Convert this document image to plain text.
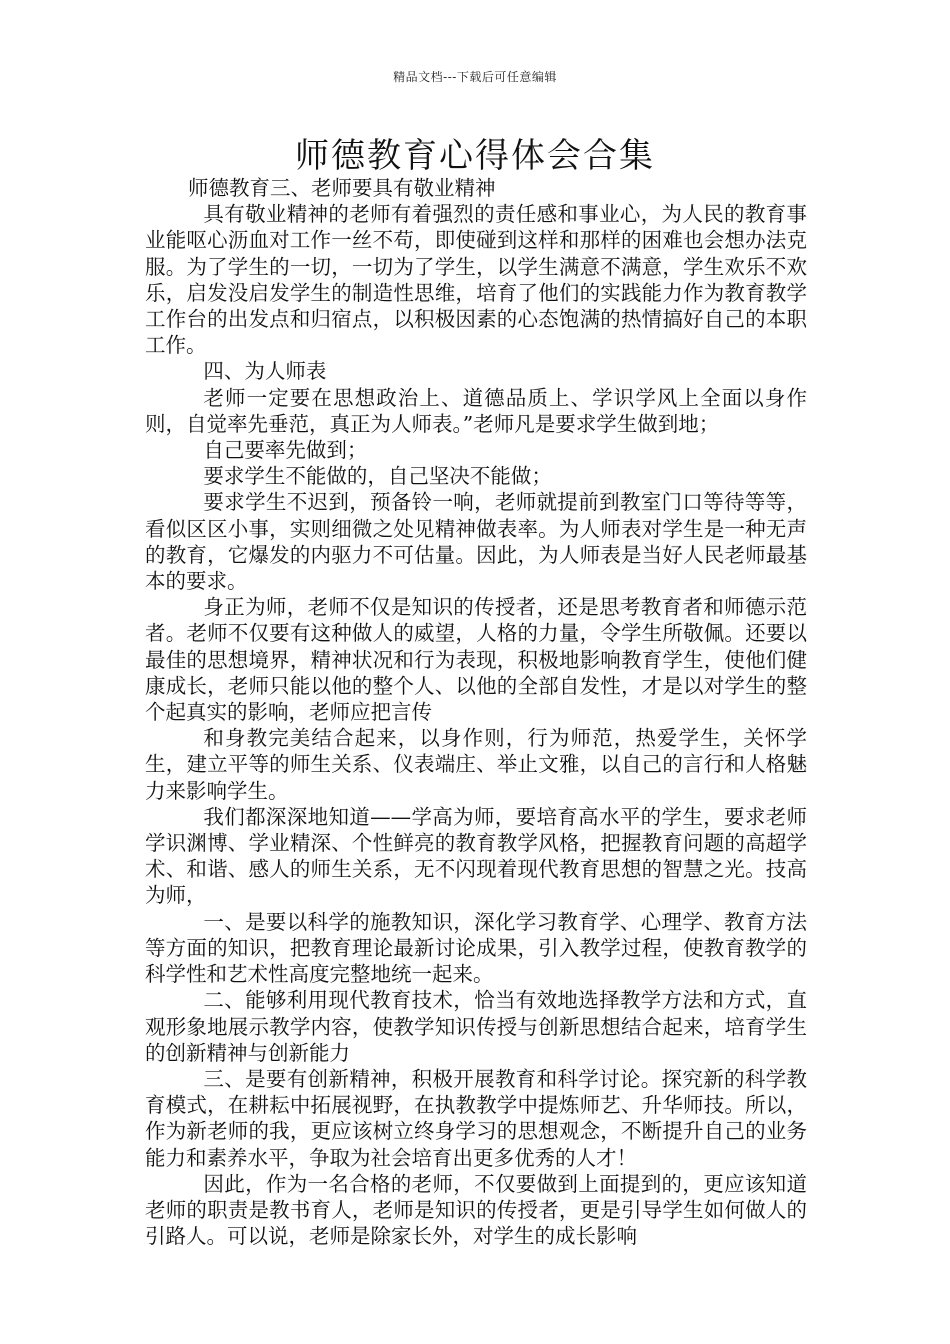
精品文档---下载后可任意编辑
师德教育心得体会合集

师德教育三、老师要具有敬业精神

具有敬业精神的老师有着强烈的责任感和事业心，为人民的教育事业能呕心沥血对工作一丝不苟，即使碰到这样和那样的困难也会想办法克服。为了学生的一切，一切为了学生，以学生满意不满意，学生欢乐不欢乐，启发没启发学生的制造性思维，培育了他们的实践能力作为教育教学工作台的出发点和归宿点，以积极因素的心态饱满的热情搞好自己的本职工作。

四、为人师表

老师一定要在思想政治上、道德品质上、学识学风上全面以身作则，自觉率先垂范，真正为人师表。”老师凡是要求学生做到地；

自己要率先做到；

要求学生不能做的，自己坚决不能做；

要求学生不迟到，预备铃一响，老师就提前到教室门口等待等等，看似区区小事，实则细微之处见精神做表率。为人师表对学生是一种无声的教育，它爆发的内驱力不可估量。因此，为人师表是当好人民老师最基本的要求。

身正为师，老师不仅是知识的传授者，还是思考教育者和师德示范者。老师不仅要有这种做人的威望，人格的力量，令学生所敬佩。还要以最佳的思想境界，精神状况和行为表现，积极地影响教育学生，使他们健康成长，老师只能以他的整个人、以他的全部自发性，才是以对学生的整个起真实的影响，老师应把言传

和身教完美结合起来，以身作则，行为师范，热爱学生，关怀学生，建立平等的师生关系、仪表端庄、举止文雅，以自己的言行和人格魅力来影响学生。

我们都深深地知道——学高为师，要培育高水平的学生，要求老师学识渊博、学业精深、个性鲜亮的教育教学风格，把握教育问题的高超学术、和谐、感人的师生关系，无不闪现着现代教育思想的智慧之光。技高为师，

一、是要以科学的施教知识，深化学习教育学、心理学、教育方法等方面的知识，把教育理论最新讨论成果，引入教学过程，使教育教学的科学性和艺术性高度完整地统一起来。

二、能够利用现代教育技术，恰当有效地选择教学方法和方式，直观形象地展示教学内容，使教学知识传授与创新思想结合起来，培育学生的创新精神与创新能力

三、是要有创新精神，积极开展教育和科学讨论。探究新的科学教育模式，在耕耘中拓展视野，在执教教学中提炼师艺、升华师技。所以，作为新老师的我，更应该树立终身学习的思想观念，不断提升自己的业务能力和素养水平，争取为社会培育出更多优秀的人才！

因此，作为一名合格的老师，不仅要做到上面提到的，更应该知道老师的职责是教书育人，老师是知识的传授者，更是引导学生如何做人的引路人。可以说，老师是除家长外，对学生的成长影响
